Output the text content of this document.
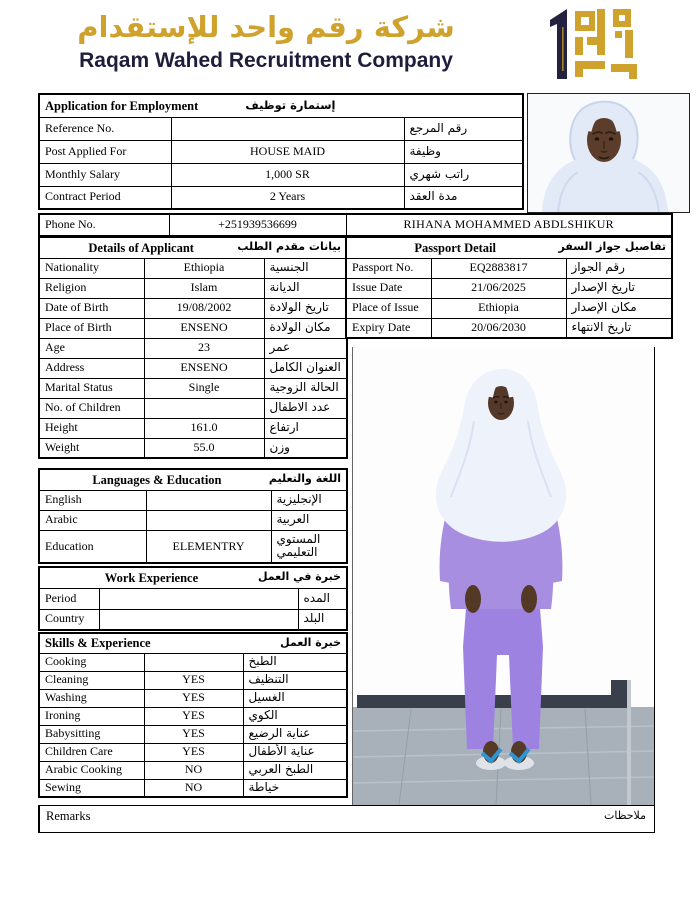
شركة رقم واحد للإستقدام
Raqam Wahed Recruitment Company
Application for Employment إستمارة توظيف		

Reference No.		رقم المرجع
Post Applied For	HOUSE MAID	وظيفة
Monthly Salary	1,000 SR	راتب شهري
Contract Period	2 Years	مدة العقد
Phone No.	+251939536699	RIHANA MOHAMMED ABDLSHIKUR
Details of Applicant بيانات مقدم الطلب		

Nationality	Ethiopia	الجنسية
Religion	Islam	الديانة
Date of Birth	19/08/2002	تاريخ الولادة
Place of Birth	ENSENO	مكان الولادة
Age	23	عمر
Address	ENSENO	العنوان الكامل
Marital Status	Single	الحالة الزوجية
No. of Children		عدد الاطفال
Height	161.0	ارتفاع
Weight	55.0	وزن
Passport Detail تفاصيل جواز السفر		

Passport No.	EQ2883817	رقم الجواز
Issue Date	21/06/2025	تاريخ الإصدار
Place of Issue	Ethiopia	مكان الإصدار
Expiry Date	20/06/2030	تاريخ الانتهاء
Languages & Education اللغة والتعليم		

English		الإنجليزية
Arabic		العربية
Education	ELEMENTRY	المستوي التعليمي
Work Experience خبرة في العمل		

Period		المده
Country		البلد
Skills & Experience خبرة العمل		

Cooking		الطبخ
Cleaning	YES	التنظيف
Washing	YES	الغسيل
Ironing	YES	الكوي
Babysitting	YES	عناية الرضيع
Children Care	YES	عناية الأطفال
Arabic Cooking	NO	الطبخ العربي
Sewing	NO	خياطة
Remarks	ملاحظات
